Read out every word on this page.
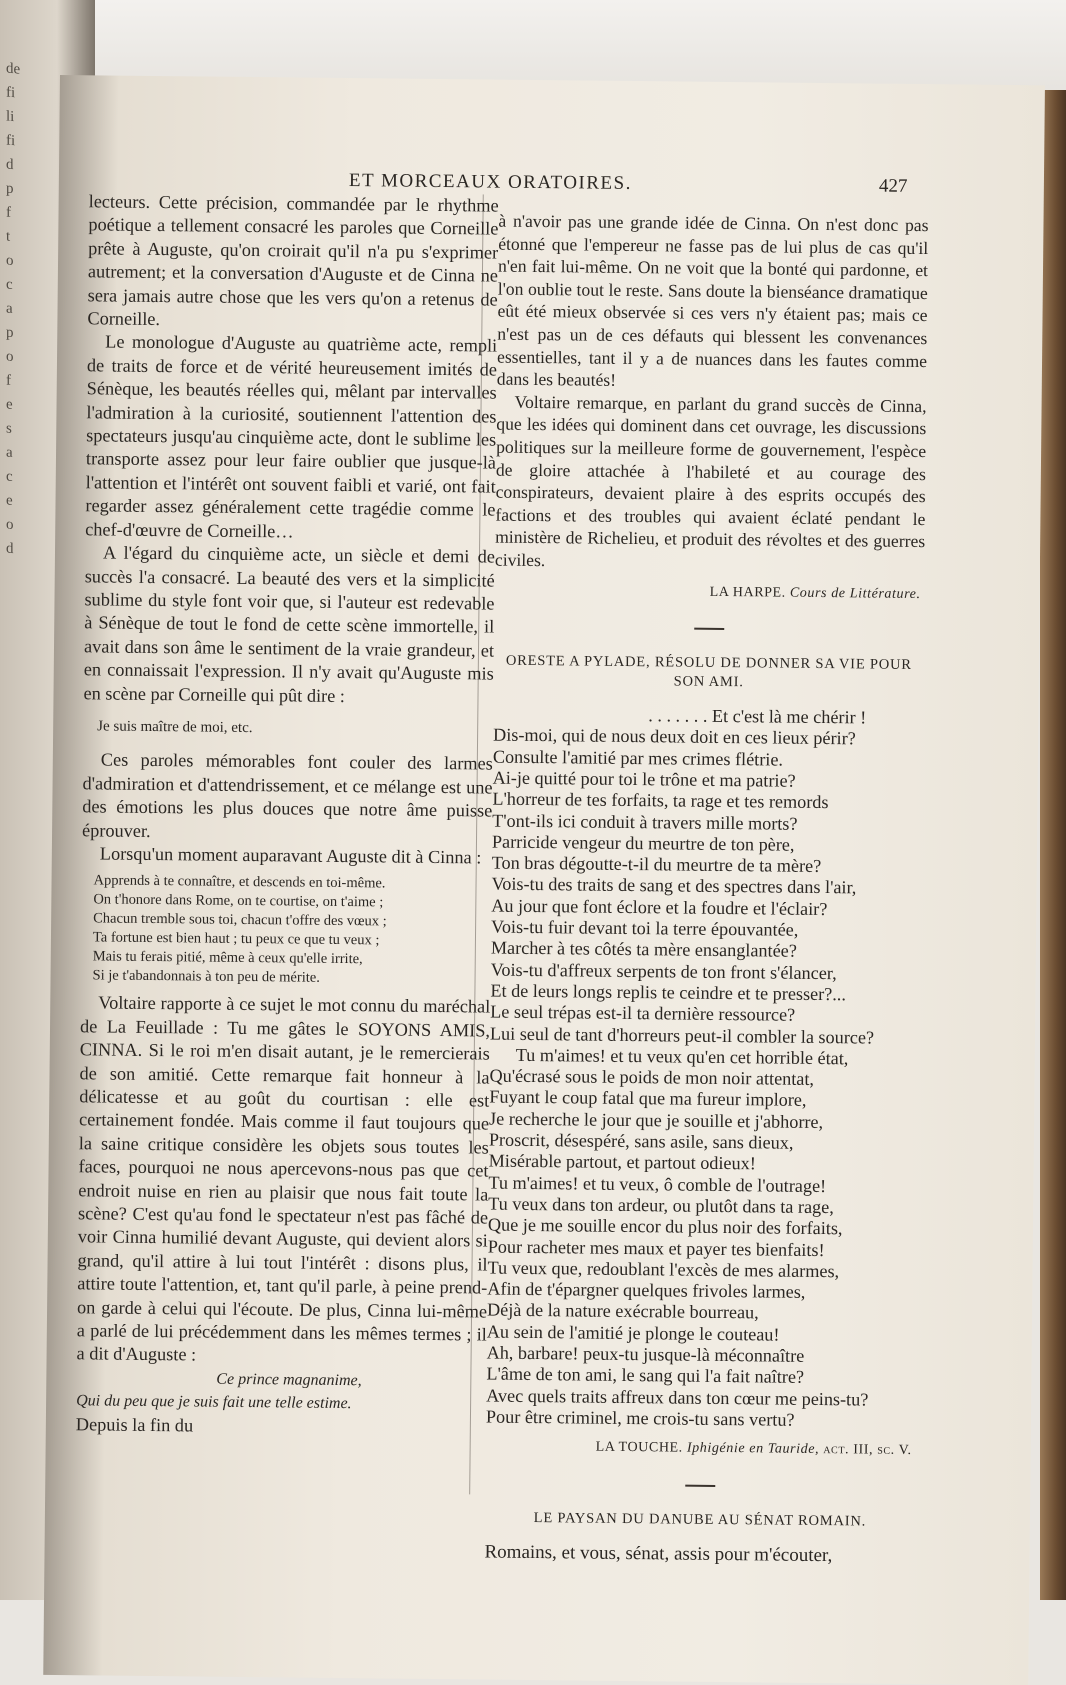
de
fi
li
fi
d
p
f
t
o
c
a
p
o
f
e
s
a
c
e
o
d
ET MORCEAUX ORATOIRES.	427

lecteurs. Cette précision, commandée par le rhythme poétique a tellement consacré les paroles que Corneille prête à Auguste, qu'on croirait qu'il n'a pu s'exprimer autrement; et la conversation d'Auguste et de Cinna ne sera jamais autre chose que les vers qu'on a retenus de Corneille.

Le monologue d'Auguste au quatrième acte, rempli de traits de force et de vérité heureusement imités de Sénèque, les beautés réelles qui, mêlant par intervalles l'admiration à la curiosité, soutiennent l'attention des spectateurs jusqu'au cinquième acte, dont le sublime les transporte assez pour leur faire oublier que jusque-là l'attention et l'intérêt ont souvent faibli et varié, ont fait regarder assez généralement cette tragédie comme le chef-d'œuvre de Corneille…

A l'égard du cinquième acte, un siècle et demi de succès l'a consacré. La beauté des vers et la simplicité sublime du style font voir que, si l'auteur est redevable à Sénèque de tout le fond de cette scène immortelle, il avait dans son âme le sentiment de la vraie grandeur, et en connaissait l'expression. Il n'y avait qu'Auguste mis en scène par Corneille qui pût dire :

Je suis maître de moi, etc.

Ces paroles mémorables font couler des larmes d'admiration et d'attendrissement, et ce mélange est une des émotions les plus douces que notre âme puisse éprouver.

Lorsqu'un moment auparavant Auguste dit à Cinna :

Apprends à te connaître, et descends en toi-même.
On t'honore dans Rome, on te courtise, on t'aime ;
Chacun tremble sous toi, chacun t'offre des vœux ;
Ta fortune est bien haut ; tu peux ce que tu veux ;
Mais tu ferais pitié, même à ceux qu'elle irrite,
Si je t'abandonnais à ton peu de mérite.

Voltaire rapporte à ce sujet le mot connu du maréchal de La Feuillade : Tu me gâtes le SOYONS AMIS, CINNA. Si le roi m'en disait autant, je le remercierais de son amitié. Cette remarque fait honneur à la délicatesse et au goût du courtisan : elle est certainement fondée. Mais comme il faut toujours que la saine critique considère les objets sous toutes les faces, pourquoi ne nous apercevons-nous pas que cet endroit nuise en rien au plaisir que nous fait toute la scène? C'est qu'au fond le spectateur n'est pas fâché de voir Cinna humilié devant Auguste, qui devient alors si grand, qu'il attire à lui tout l'intérêt : disons plus, il attire toute l'attention, et, tant qu'il parle, à peine prend-on garde à celui qui l'écoute. De plus, Cinna lui-même a parlé de lui précédemment dans les mêmes termes ; il a dit d'Auguste :

Ce prince magnanime,
Qui du peu que je suis fait une telle estime.

Depuis la fin du

à n'avoir pas une grande idée de Cinna. On n'est donc pas étonné que l'empereur ne fasse pas de lui plus de cas qu'il n'en fait lui-même. On ne voit que la bonté qui pardonne, et l'on oublie tout le reste. Sans doute la bienséance dramatique eût été mieux observée si ces vers n'y étaient pas; mais ce n'est pas un de ces défauts qui blessent les convenances essentielles, tant il y a de nuances dans les fautes comme dans les beautés!

Voltaire remarque, en parlant du grand succès de Cinna, que les idées qui dominent dans cet ouvrage, les discussions politiques sur la meilleure forme de gouvernement, l'espèce de gloire attachée à l'habileté et au courage des conspirateurs, devaient plaire à des esprits occupés des factions et des troubles qui avaient éclaté pendant le ministère de Richelieu, et produit des révoltes et des guerres civiles.

LA HARPE. Cours de Littérature.
ORESTE A PYLADE, RÉSOLU DE DONNER SA VIE POUR SON AMI.
. . . . . . . Et c'est là me chérir !
Dis-moi, qui de nous deux doit en ces lieux périr?
Consulte l'amitié par mes crimes flétrie.
Ai-je quitté pour toi le trône et ma patrie?
L'horreur de tes forfaits, ta rage et tes remords
T'ont-ils ici conduit à travers mille morts?
Parricide vengeur du meurtre de ton père,
Ton bras dégoutte-t-il du meurtre de ta mère?
Vois-tu des traits de sang et des spectres dans l'air,
Au jour que font éclore et la foudre et l'éclair?
Vois-tu fuir devant toi la terre épouvantée,
Marcher à tes côtés ta mère ensanglantée?
Vois-tu d'affreux serpents de ton front s'élancer,
Et de leurs longs replis te ceindre et te presser?...
Le seul trépas est-il ta dernière ressource?
Lui seul de tant d'horreurs peut-il combler la source?
Tu m'aimes! et tu veux qu'en cet horrible état,
Qu'écrasé sous le poids de mon noir attentat,
Fuyant le coup fatal que ma fureur implore,
Je recherche le jour que je souille et j'abhorre,
Proscrit, désespéré, sans asile, sans dieux,
Misérable partout, et partout odieux!
Tu m'aimes! et tu veux, ô comble de l'outrage!
Tu veux dans ton ardeur, ou plutôt dans ta rage,
Que je me souille encor du plus noir des forfaits,
Pour racheter mes maux et payer tes bienfaits!
Tu veux que, redoublant l'excès de mes alarmes,
Afin de t'épargner quelques frivoles larmes,
Déjà de la nature exécrable bourreau,
Au sein de l'amitié je plonge le couteau!
Ah, barbare! peux-tu jusque-là méconnaître
L'âme de ton ami, le sang qui l'a fait naître?
Avec quels traits affreux dans ton cœur me peins-tu?
Pour être criminel, me crois-tu sans vertu?
LA TOUCHE. Iphigénie en Tauride, act. III, sc. V.
LE PAYSAN DU DANUBE AU SÉNAT ROMAIN.
Romains, et vous, sénat, assis pour m'écouter,
